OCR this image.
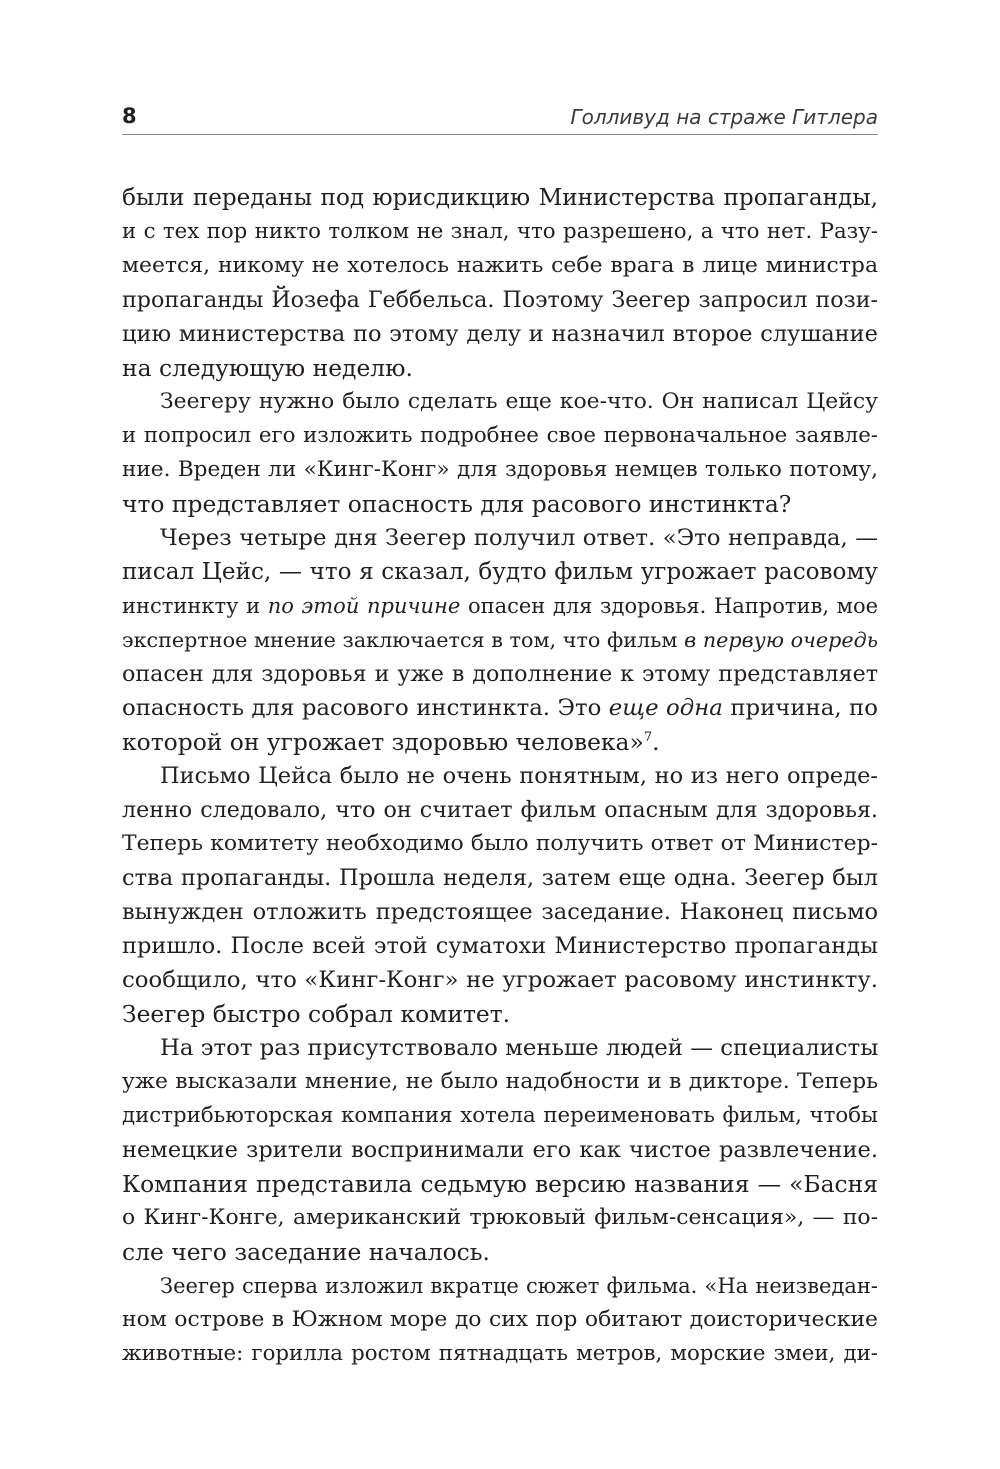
8	Голливуд на страже Гитлера
были переданы под юрисдикцию Министерства пропаганды,
и с тех пор никто толком не знал, что разрешено, а что нет. Разу-
меется, никому не хотелось нажить себе врага в лице министра
пропаганды Йозефа Геббельса. Поэтому Зеегер запросил пози-
цию министерства по этому делу и назначил второе слушание
на следующую неделю.
Зеегеру нужно было сделать еще кое-что. Он написал Цейсу
и попросил его изложить подробнее свое первоначальное заявле-
ние. Вреден ли «Кинг-Конг» для здоровья немцев только потому,
что представляет опасность для расового инстинкта?
Через четыре дня Зеегер получил ответ. «Это неправда, —
писал Цейс, — что я сказал, будто фильм угрожает расовому
инстинкту и по этой причине опасен для здоровья. Напротив, мое
экспертное мнение заключается в том, что фильм в первую очередь
опасен для здоровья и уже в дополнение к этому представляет
опасность для расового инстинкта. Это еще одна причина, по
которой он угрожает здоровью человека»$^7$.
Письмо Цейса было не очень понятным, но из него опреде-
ленно следовало, что он считает фильм опасным для здоровья.
Теперь комитету необходимо было получить ответ от Министер-
ства пропаганды. Прошла неделя, затем еще одна. Зеегер был
вынужден отложить предстоящее заседание. Наконец письмо
пришло. После всей этой суматохи Министерство пропаганды
сообщило, что «Кинг-Конг» не угрожает расовому инстинкту.
Зеегер быстро собрал комитет.
На этот раз присутствовало меньше людей — специалисты
уже высказали мнение, не было надобности и в дикторе. Теперь
дистрибьюторская компания хотела переименовать фильм, чтобы
немецкие зрители воспринимали его как чистое развлечение.
Компания представила седьмую версию названия — «Басня
о Кинг-Конге, американский трюковый фильм-сенсация», — по-
сле чего заседание началось.
Зеегер сперва изложил вкратце сюжет фильма. «На неизведан-
ном острове в Южном море до сих пор обитают доисторические
животные: горилла ростом пятнадцать метров, морские змеи, ди-
